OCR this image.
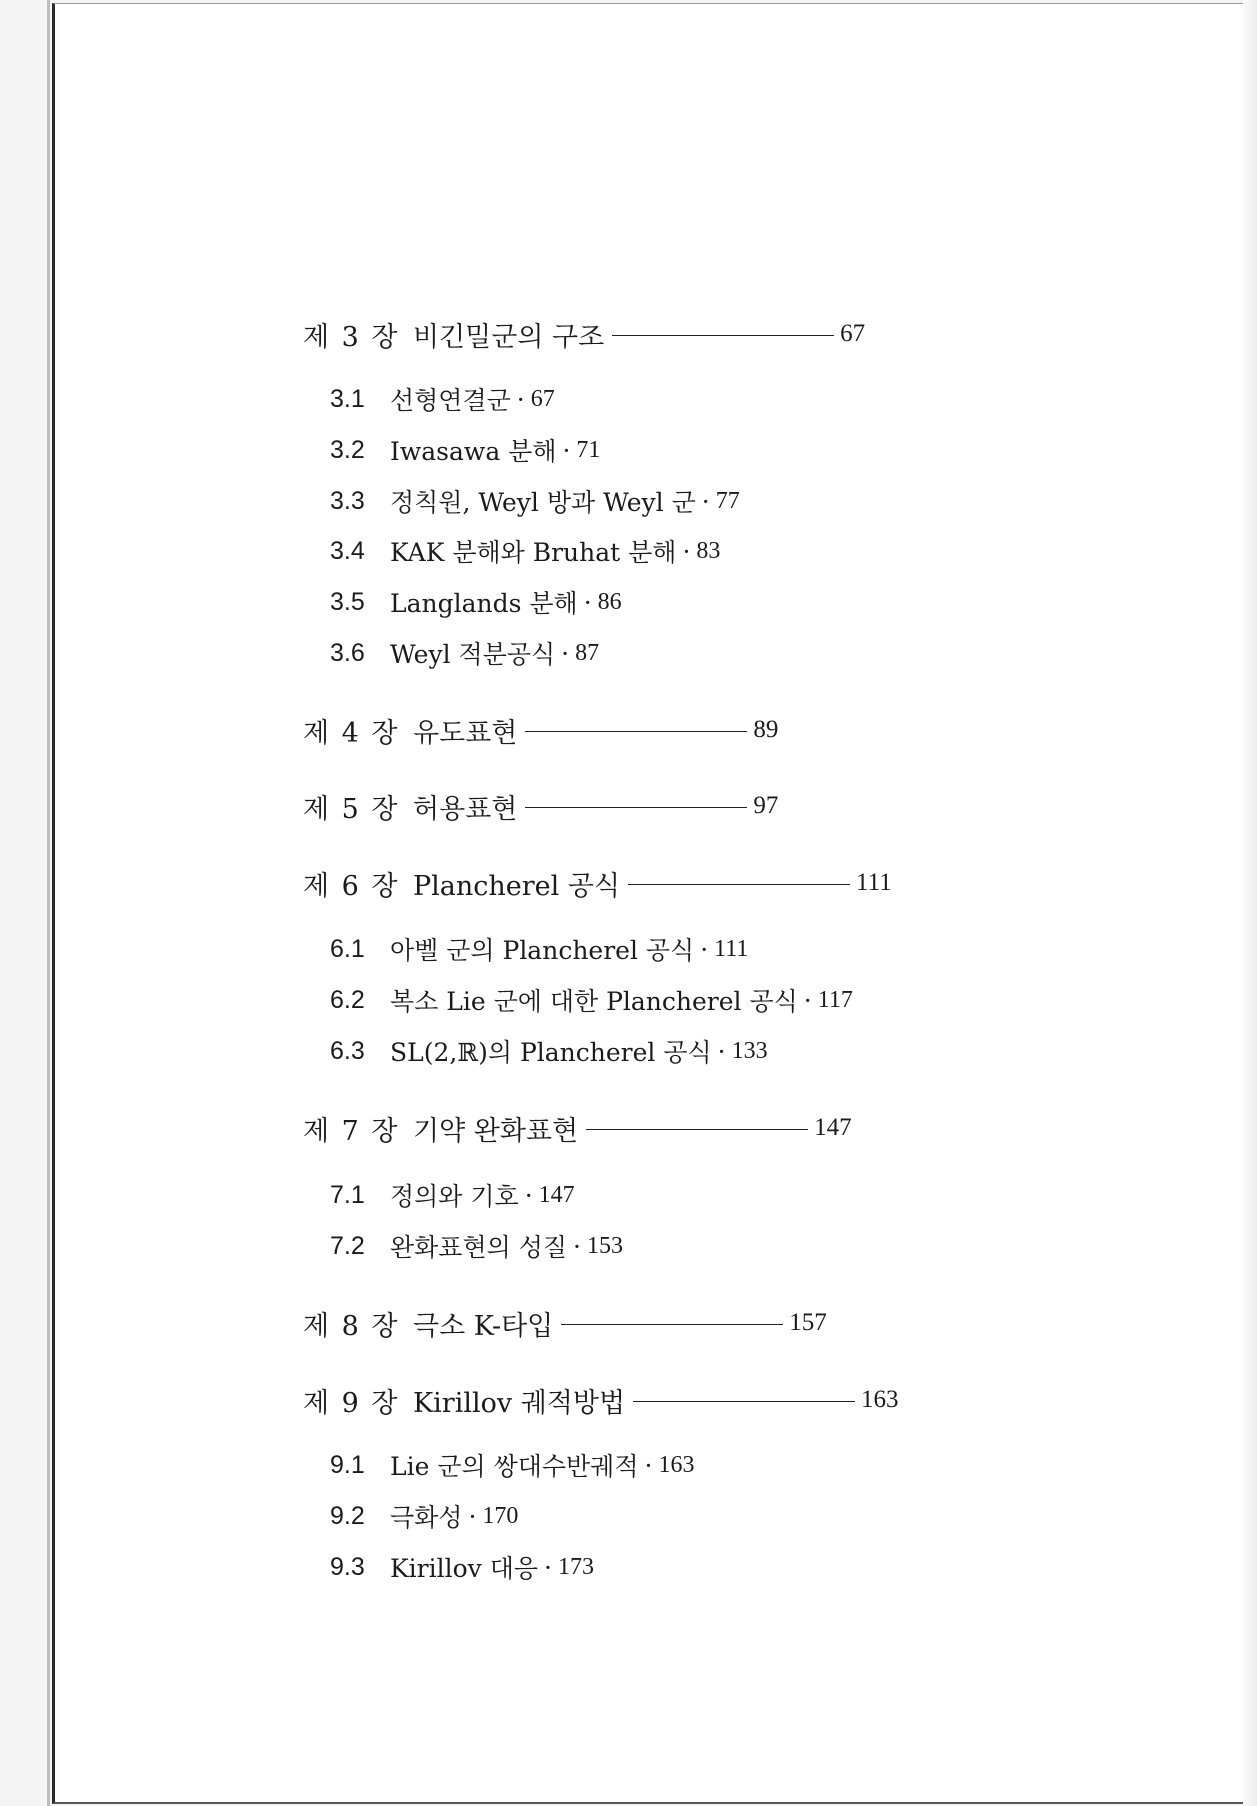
제 3 장 비긴밀군의 구조	67
3.1	선형연결군 · 67
3.2	Iwasawa 분해 · 71
3.3	정칙원, Weyl 방과 Weyl 군 · 77
3.4	KAK 분해와 Bruhat 분해 · 83
3.5	Langlands 분해 · 86
3.6	Weyl 적분공식 · 87
제 4 장 유도표현	89
제 5 장 허용표현	97
제 6 장 Plancherel 공식	111
6.1	아벨 군의 Plancherel 공식 · 111
6.2	복소 Lie 군에 대한 Plancherel 공식 · 117
6.3	SL(2,ℝ)의 Plancherel 공식 · 133
제 7 장 기약 완화표현	147
7.1	정의와 기호 · 147
7.2	완화표현의 성질 · 153
제 8 장 극소 K-타입	157
제 9 장 Kirillov 궤적방법	163
9.1	Lie 군의 쌍대수반궤적 · 163
9.2	극화성 · 170
9.3	Kirillov 대응 · 173
